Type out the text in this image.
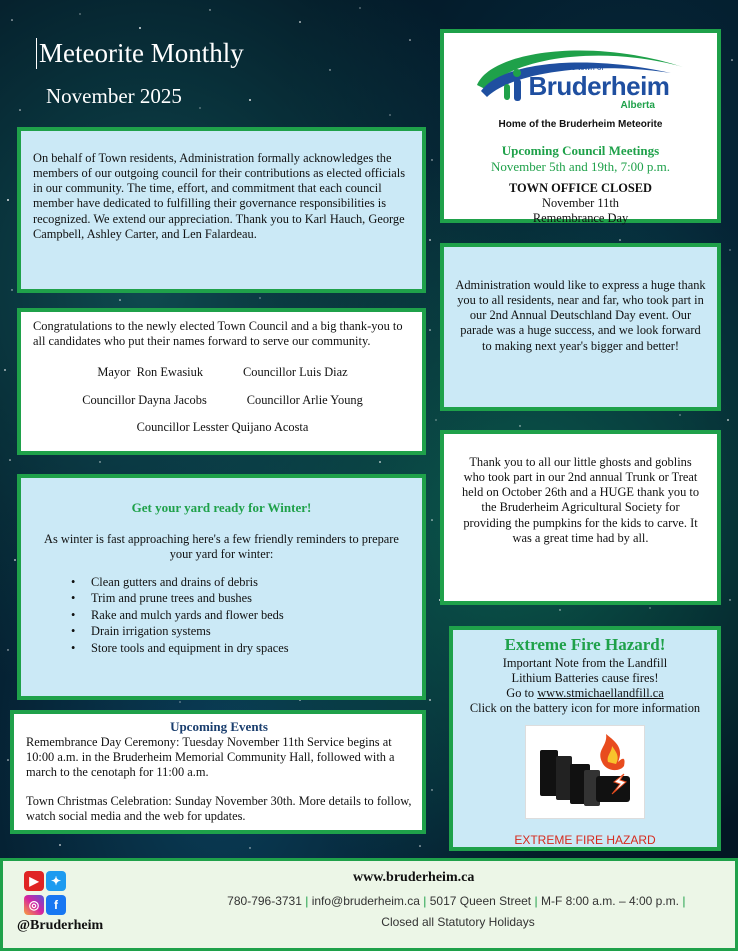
Meteorite Monthly
November 2025
the town of
Bruderheim
Alberta
Home of the Bruderheim Meteorite
Upcoming Council Meetings
November 5th and 19th, 7:00 p.m.
TOWN OFFICE CLOSED
November 11th
Remembrance Day

On behalf of Town residents, Administration formally acknowledges the members of our outgoing council for their contributions as elected officials in our community. The time, effort, and commitment that each council member have dedicated to fulfilling their governance responsibilities is recognized. We extend our appreciation. Thank you to Karl Hauch, George Campbell, Ashley Carter, and Len Falardeau.

Administration would like to express a huge thank you to all residents, near and far, who took part in our 2nd Annual Deutschland Day event. Our parade was a huge success, and we look forward to making next year's bigger and better!

Congratulations to the newly elected Town Council and a big thank-you to all candidates who put their names forward to serve our community.

Mayor  Ron Ewasiuk	Councillor Luis Diaz
Councillor Dayna Jacobs	Councillor Arlie Young
Councillor Lesster Quijano Acosta

Thank you to all our little ghosts and goblins who took part in our 2nd annual Trunk or Treat held on October 26th and a HUGE thank you to the Bruderheim Agricultural Society for providing the pumpkins for the kids to carve. It was a great time had by all.

Get your yard ready for Winter!

As winter is fast approaching here's a few friendly reminders to prepare your yard for winter:

• Clean gutters and drains of debris
• Trim and prune trees and bushes
• Rake and mulch yards and flower beds
• Drain irrigation systems
• Store tools and equipment in dry spaces	Extreme Fire Hazard!
Important Note from the Landfill
Lithium Batteries cause fires!
Go to www.stmichaellandfill.ca
Click on the battery icon for more information
EXTREME FIRE HAZARD
Upcoming Events

Remembrance Day Ceremony: Tuesday November 11th Service begins at 10:00 a.m. in the Bruderheim Memorial Community Hall, followed with a march to the cenotaph for 11:00 a.m.

Town Christmas Celebration: Sunday November 30th. More details to follow, watch social media and the web for updates.

▶ ✦
◎ f
@Bruderheim
www.bruderheim.ca
780-796-3731 | info@bruderheim.ca | 5017 Queen Street | M-F 8:00 a.m. – 4:00 p.m. |
Closed all Statutory Holidays
